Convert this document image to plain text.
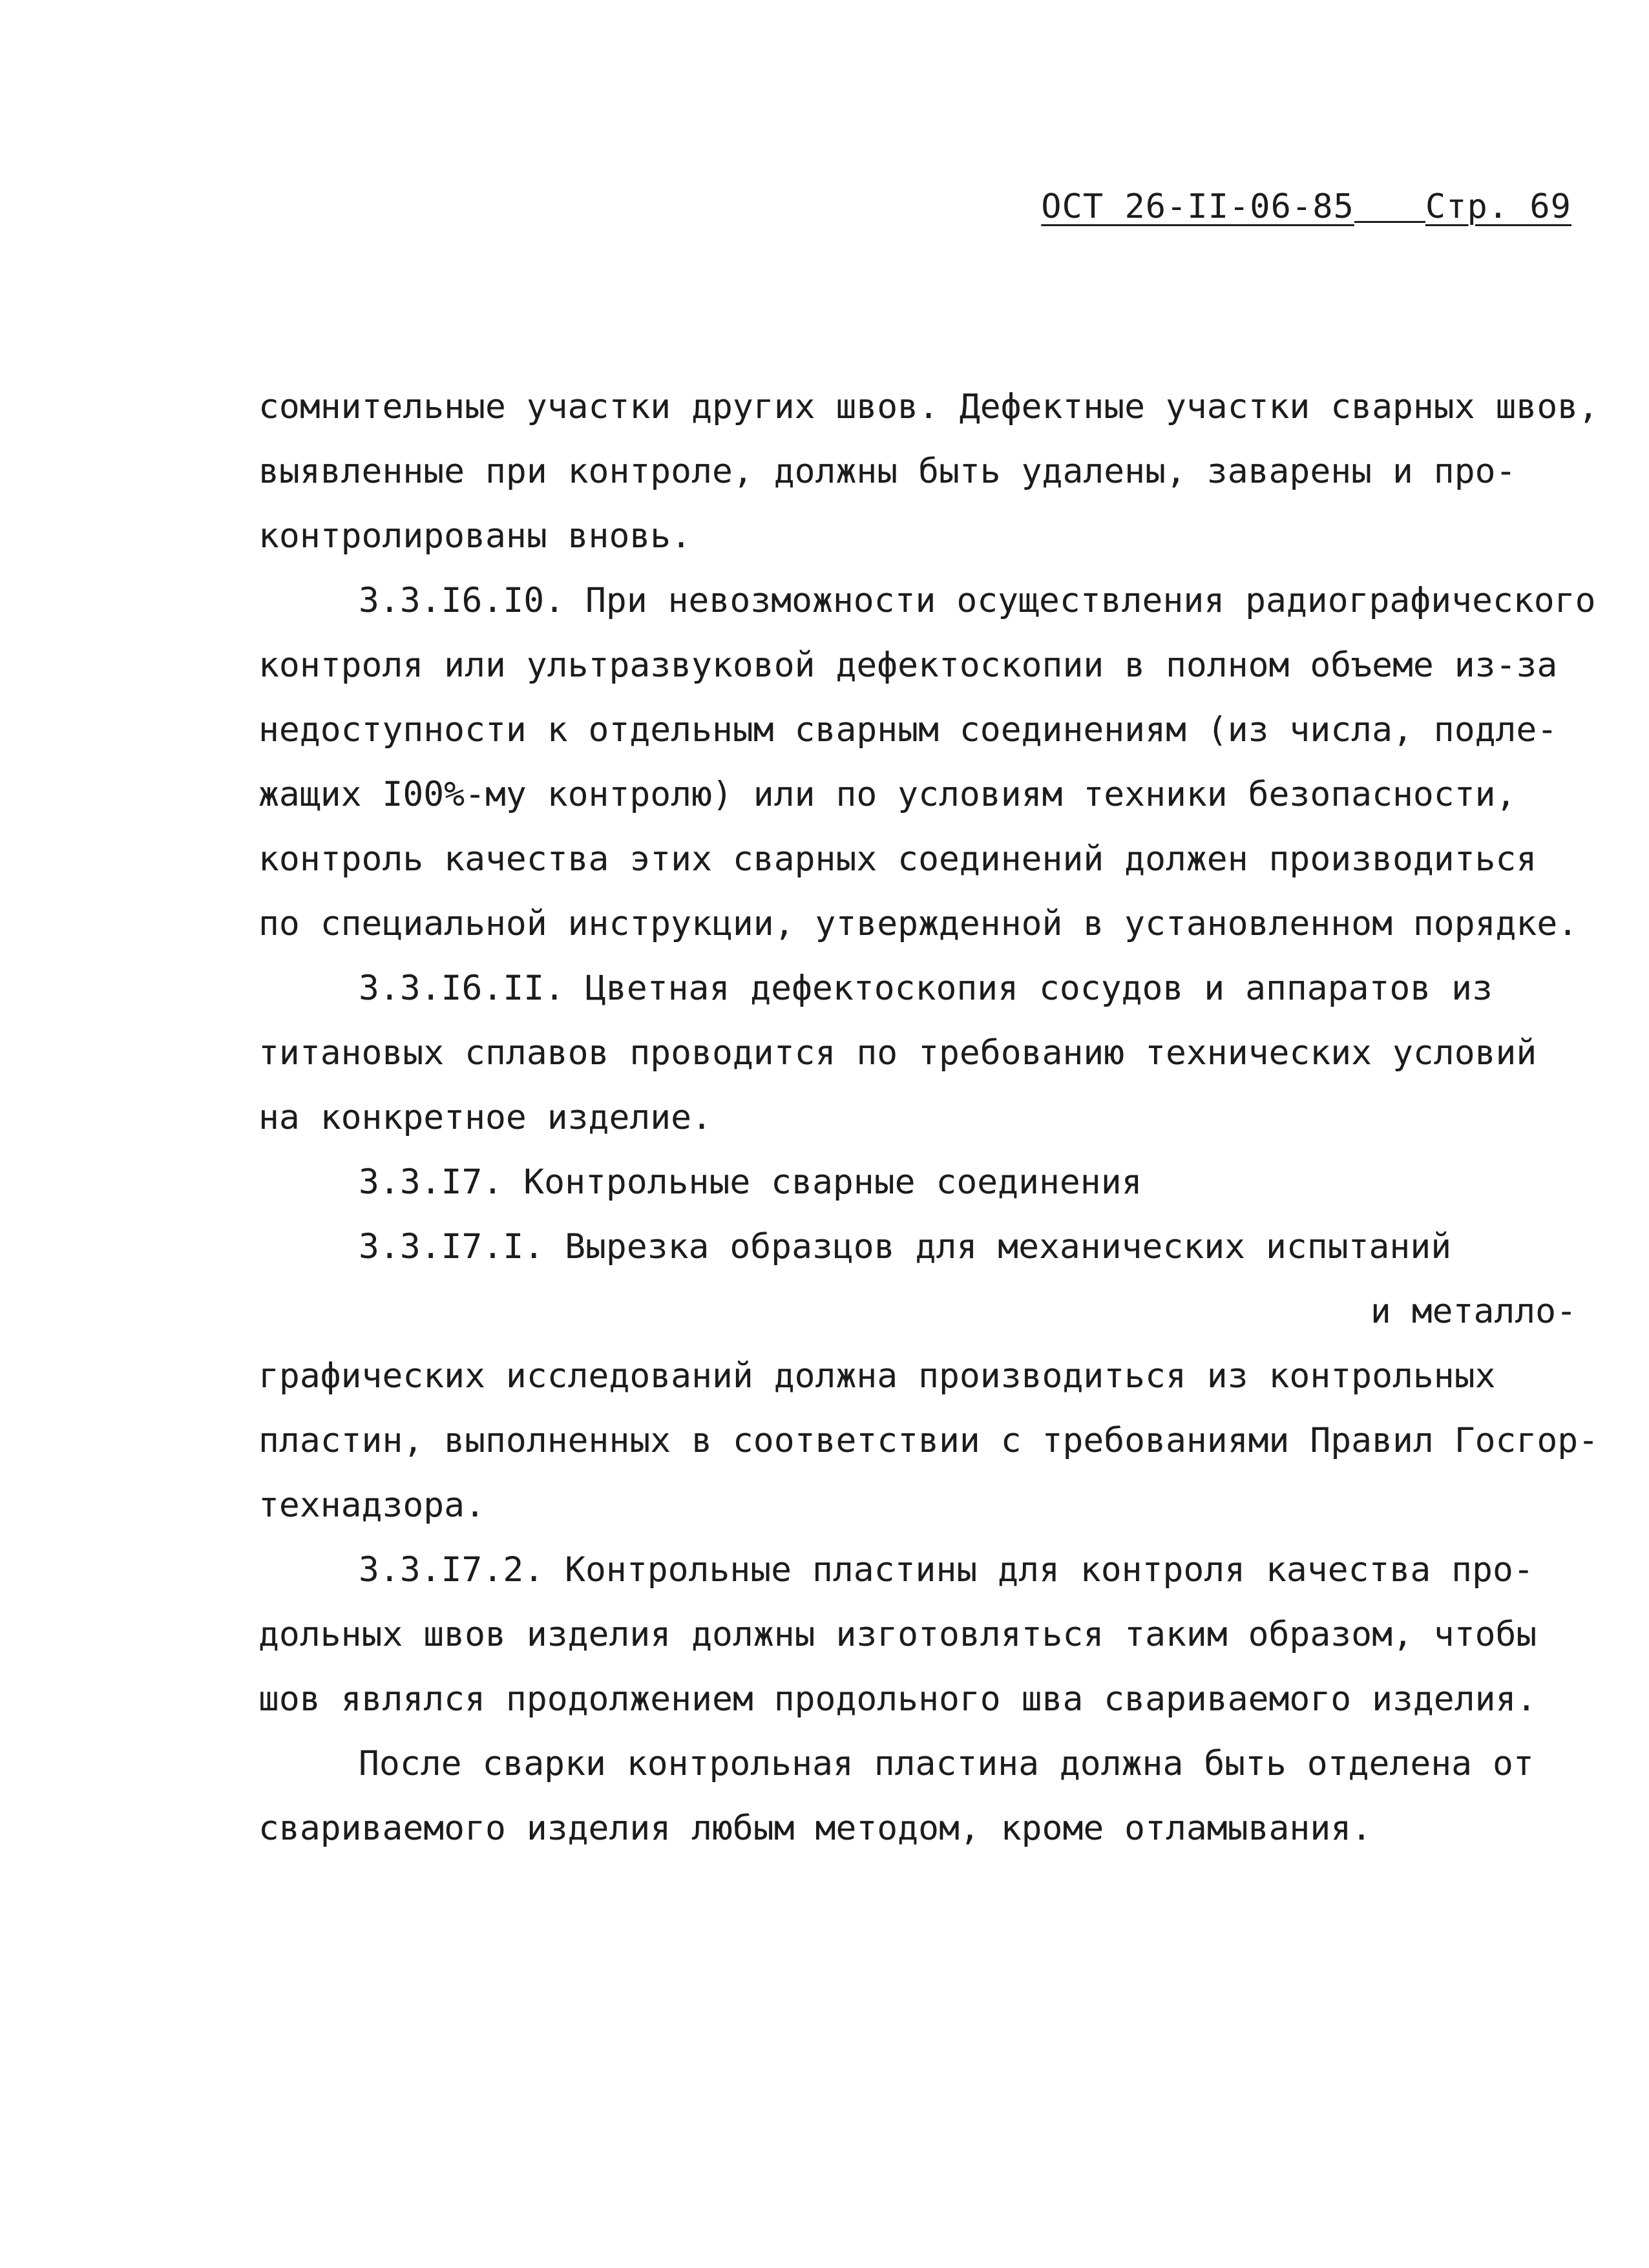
ОСТ 26-II-06-85 Стр. 69
сомнительные участки других швов. Дефектные участки сварных швов,
выявленные при контроле, должны быть удалены, заварены и про-
контролированы вновь.
3.3.I6.I0. При невозможности осуществления радиографического
контроля или ультразвуковой дефектоскопии в полном объеме из-за
недоступности к отдельным сварным соединениям (из числа, подле-
жащих I00%-му контролю) или по условиям техники безопасности,
контроль качества этих сварных соединений должен производиться
по специальной инструкции, утвержденной в установленном порядке.
3.3.I6.II. Цветная дефектоскопия сосудов и аппаратов из
титановых сплавов проводится по требованию технических условий
на конкретное изделие.
3.3.I7. Контрольные сварные соединения
3.3.I7.I. Вырезка образцов для механических испытаний
и металло-
графических исследований должна производиться из контрольных
пластин, выполненных в соответствии с требованиями Правил Госгор-
технадзора.
3.3.I7.2. Контрольные пластины для контроля качества про-
дольных швов изделия должны изготовляться таким образом, чтобы
шов являлся продолжением продольного шва свариваемого изделия.
После сварки контрольная пластина должна быть отделена от
свариваемого изделия любым методом, кроме отламывания.
